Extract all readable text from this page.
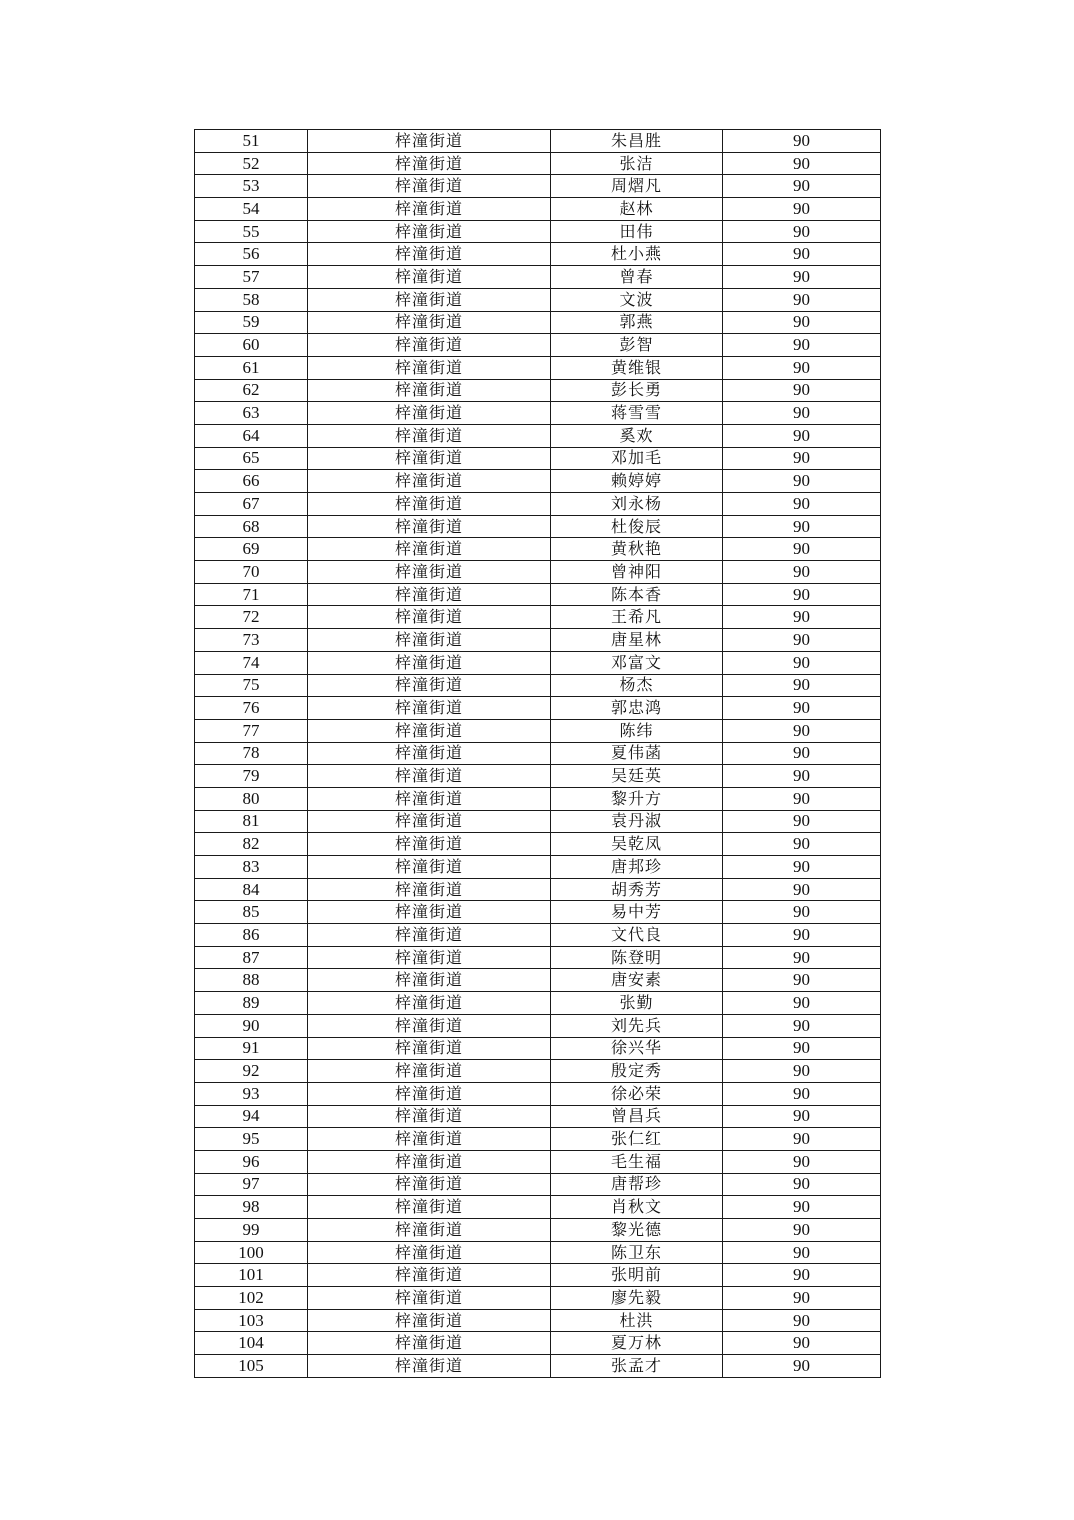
51	梓潼街道	朱昌胜	90
52	梓潼街道	张洁	90
53	梓潼街道	周熠凡	90
54	梓潼街道	赵林	90
55	梓潼街道	田伟	90
56	梓潼街道	杜小燕	90
57	梓潼街道	曾春	90
58	梓潼街道	文波	90
59	梓潼街道	郭燕	90
60	梓潼街道	彭智	90
61	梓潼街道	黄维银	90
62	梓潼街道	彭长勇	90
63	梓潼街道	蒋雪雪	90
64	梓潼街道	奚欢	90
65	梓潼街道	邓加毛	90
66	梓潼街道	赖婷婷	90
67	梓潼街道	刘永杨	90
68	梓潼街道	杜俊辰	90
69	梓潼街道	黄秋艳	90
70	梓潼街道	曾神阳	90
71	梓潼街道	陈本香	90
72	梓潼街道	王希凡	90
73	梓潼街道	唐星林	90
74	梓潼街道	邓富文	90
75	梓潼街道	杨杰	90
76	梓潼街道	郭忠鸿	90
77	梓潼街道	陈纬	90
78	梓潼街道	夏伟菡	90
79	梓潼街道	吴廷英	90
80	梓潼街道	黎升方	90
81	梓潼街道	袁丹淑	90
82	梓潼街道	吴乾凤	90
83	梓潼街道	唐邦珍	90
84	梓潼街道	胡秀芳	90
85	梓潼街道	易中芳	90
86	梓潼街道	文代良	90
87	梓潼街道	陈登明	90
88	梓潼街道	唐安素	90
89	梓潼街道	张勤	90
90	梓潼街道	刘先兵	90
91	梓潼街道	徐兴华	90
92	梓潼街道	殷定秀	90
93	梓潼街道	徐必荣	90
94	梓潼街道	曾昌兵	90
95	梓潼街道	张仁红	90
96	梓潼街道	毛生福	90
97	梓潼街道	唐帮珍	90
98	梓潼街道	肖秋文	90
99	梓潼街道	黎光德	90
100	梓潼街道	陈卫东	90
101	梓潼街道	张明前	90
102	梓潼街道	廖先毅	90
103	梓潼街道	杜洪	90
104	梓潼街道	夏万林	90
105	梓潼街道	张孟才	90
